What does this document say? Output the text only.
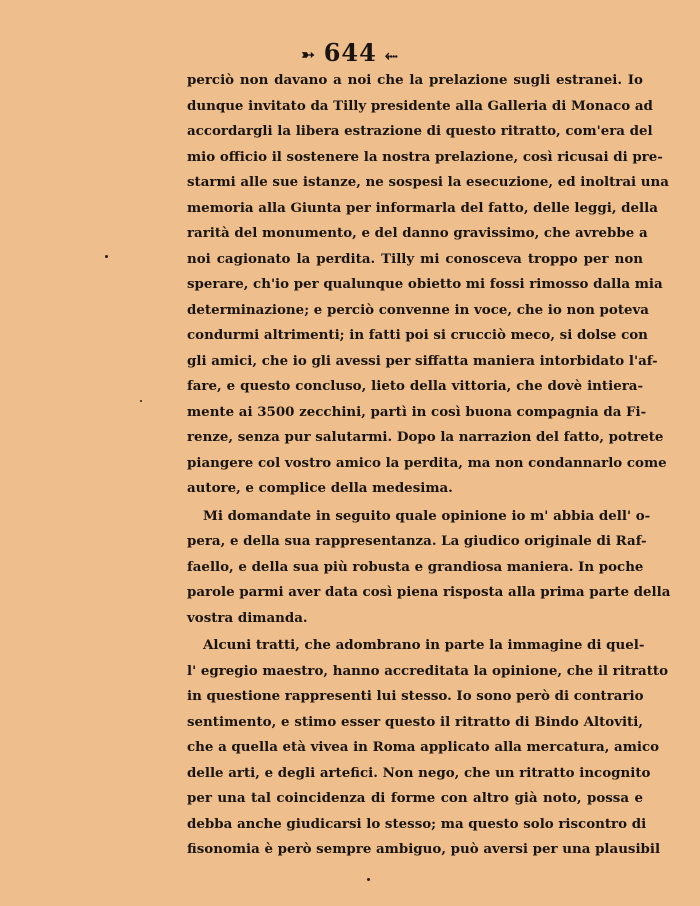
➳ 644 ⬸
perciò non davano a noi che la prelazione sugli estranei. Io
dunque invitato da Tilly presidente alla Galleria di Monaco ad
accordargli la libera estrazione di questo ritratto, com'era del
mio officio il sostenere la nostra prelazione, così ricusai di pre-
starmi alle sue istanze, ne sospesi la esecuzione, ed inoltrai una
memoria alla Giunta per informarla del fatto, delle leggi, della
rarità del monumento, e del danno gravissimo, che avrebbe a
noi cagionato la perdita. Tilly mi conosceva troppo per non
sperare, ch'io per qualunque obietto mi fossi rimosso dalla mia
determinazione; e perciò convenne in voce, che io non poteva
condurmi altrimenti; in fatti poi si crucciò meco, si dolse con
gli amici, che io gli avessi per siffatta maniera intorbidato l'af-
fare, e questo concluso, lieto della vittoria, che dovè intiera-
mente ai 3500 zecchini, partì in così buona compagnia da Fi-
renze, senza pur salutarmi. Dopo la narrazion del fatto, potrete
piangere col vostro amico la perdita, ma non condannarlo come
autore, e complice della medesima.
Mi domandate in seguito quale opinione io m' abbia dell' o-
pera, e della sua rappresentanza. La giudico originale di Raf-
faello, e della sua più robusta e grandiosa maniera. In poche
parole parmi aver data così piena risposta alla prima parte della
vostra dimanda.
Alcuni tratti, che adombrano in parte la immagine di quel-
l' egregio maestro, hanno accreditata la opinione, che il ritratto
in questione rappresenti lui stesso. Io sono però di contrario
sentimento, e stimo esser questo il ritratto di Bindo Altoviti,
che a quella età vivea in Roma applicato alla mercatura, amico
delle arti, e degli artefici. Non nego, che un ritratto incognito
per una tal coincidenza di forme con altro già noto, possa e
debba anche giudicarsi lo stesso; ma questo solo riscontro di
fisonomia è però sempre ambiguo, può aversi per una plausibil
